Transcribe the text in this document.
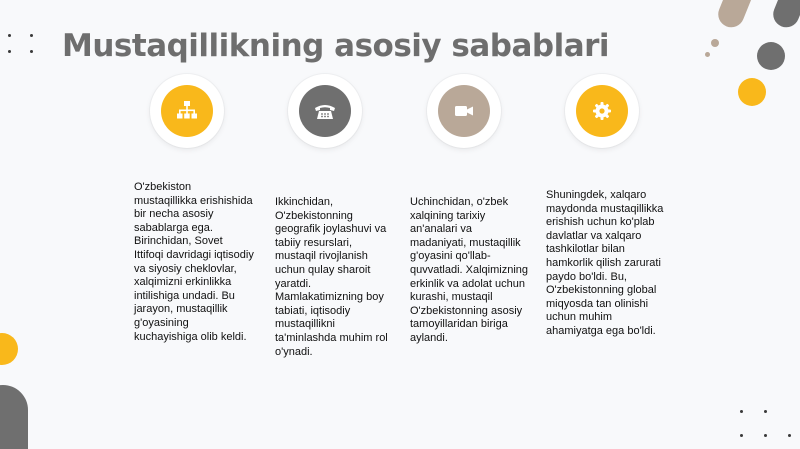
Mustaqillikning asosiy sabablari
O'zbekiston mustaqillikka erishishida bir necha asosiy sabablarga ega. Birinchidan, Sovet Ittifoqi davridagi iqtisodiy va siyosiy cheklovlar, xalqimizni erkinlikka intilishiga undadi. Bu jarayon, mustaqillik g'oyasining kuchayishiga olib keldi.
Ikkinchidan, O'zbekistonning geografik joylashuvi va tabiiy resurslari, mustaqil rivojlanish uchun qulay sharoit yaratdi. Mamlakatimizning boy tabiati, iqtisodiy mustaqillikni ta'minlashda muhim rol o'ynadi.
Uchinchidan, o'zbek xalqining tarixiy an'analari va madaniyati, mustaqillik g'oyasini qo'llab-quvvatladi. Xalqimizning erkinlik va adolat uchun kurashi, mustaqil O'zbekistonning asosiy tamoyillaridan biriga aylandi.
Shuningdek, xalqaro maydonda mustaqillikka erishish uchun ko'plab davlatlar va xalqaro tashkilotlar bilan hamkorlik qilish zarurati paydo bo'ldi. Bu, O'zbekistonning global miqyosda tan olinishi uchun muhim ahamiyatga ega bo'ldi.
